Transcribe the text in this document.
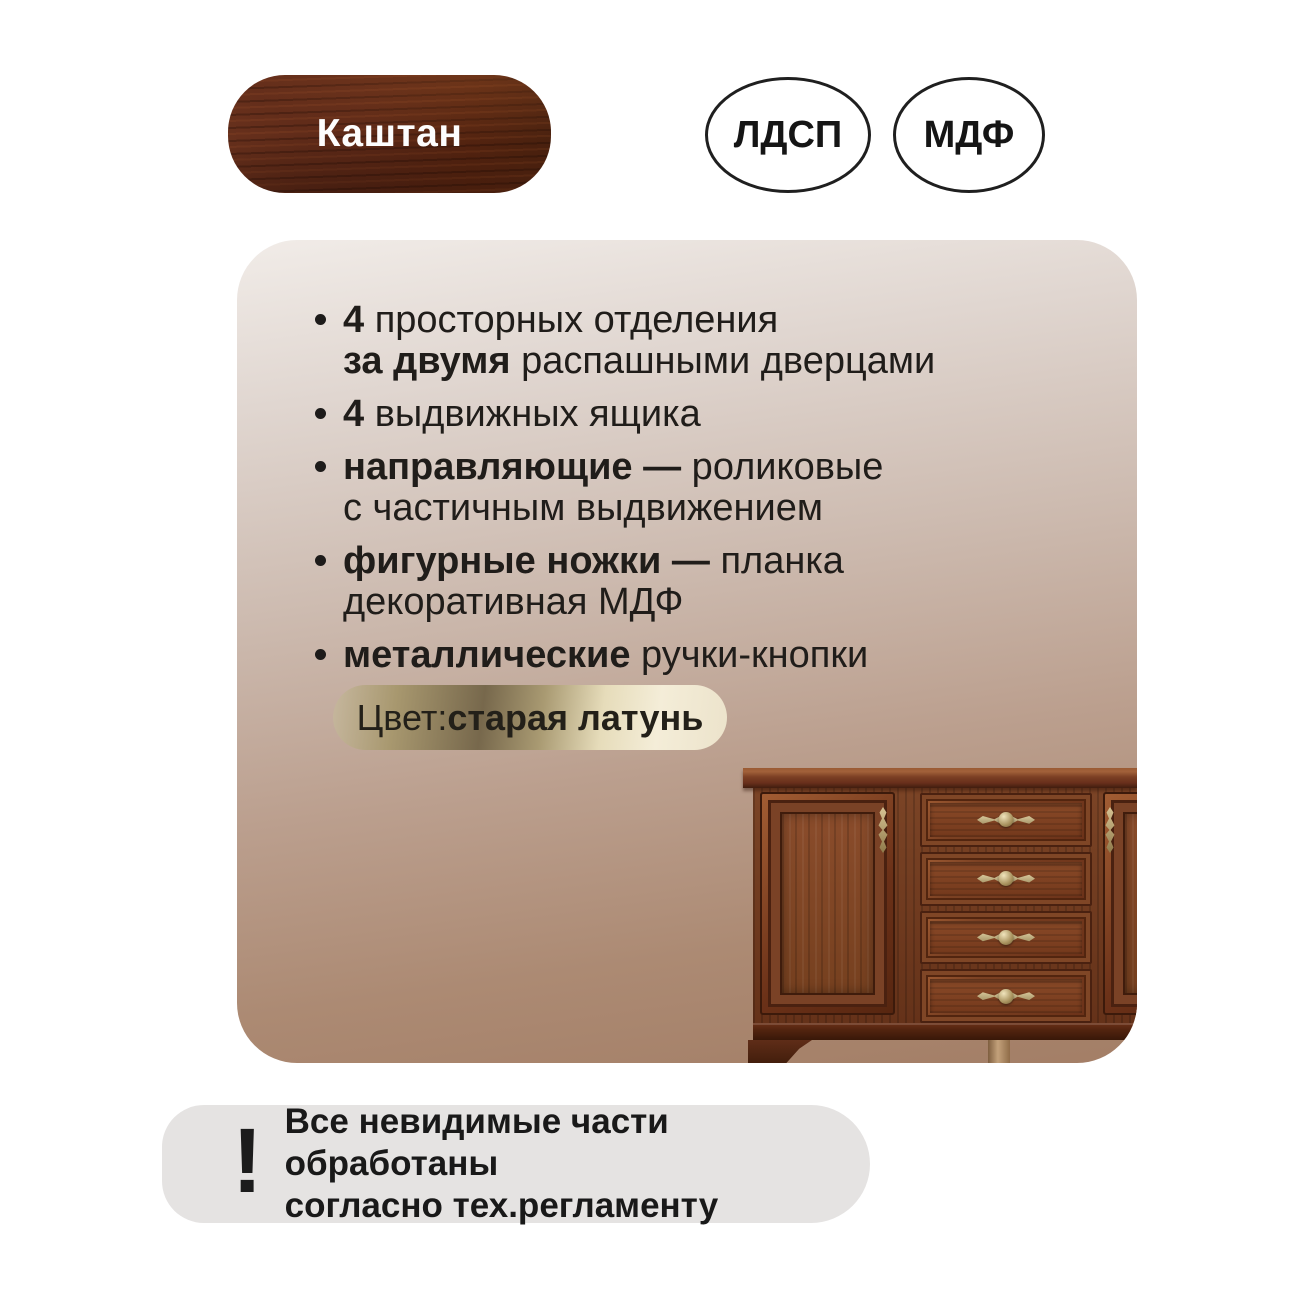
Каштан	ЛДСП МДФ
4 просторных отделения
за двумя распашными дверцами
4 выдвижных ящика
направляющие — роликовые
с частичным выдвижением
фигурные ножки — планка
декоративная МДФ
металлические ручки-кнопки
Цвет: старая латунь
! Все невидимые части обработаны
согласно тех.регламенту
